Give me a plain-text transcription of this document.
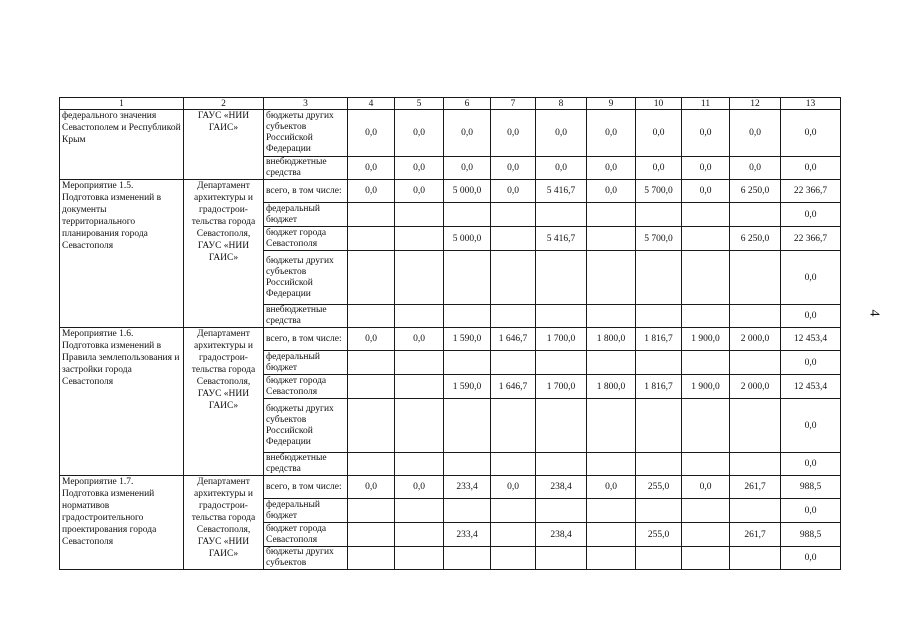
1	2	3	4	5	6	7	8	9	10	11	12	13
федерального значения Севастополем и Республикой Крым	ГАУС «НИИ ГАИС»	бюджеты других субъектов Российской Федерации	0,0	0,0	0,0	0,0	0,0	0,0	0,0	0,0	0,0	0,0
		внебюджетные средства	0,0	0,0	0,0	0,0	0,0	0,0	0,0	0,0	0,0	0,0
Мероприятие 1.5. Подготовка изменений в документы территориального планирования города Севастополя	Департамент архитектуры и градострои-тельства города Севастополя, ГАУС «НИИ ГАИС»	всего, в том числе:	0,0	0,0	5 000,0	0,0	5 416,7	0,0	5 700,0	0,0	6 250,0	22 366,7
		федеральный бюджет										0,0
		бюджет города Севастополя			5 000,0		5 416,7		5 700,0		6 250,0	22 366,7
		бюджеты других субъектов Российской Федерации										0,0
		внебюджетные средства										0,0
Мероприятие 1.6. Подготовка изменений в Правила землепользования и застройки города Севастополя	Департамент архитектуры и градострои-тельства города Севастополя, ГАУС «НИИ ГАИС»	всего, в том числе:	0,0	0,0	1 590,0	1 646,7	1 700,0	1 800,0	1 816,7	1 900,0	2 000,0	12 453,4
		федеральный бюджет										0,0
		бюджет города Севастополя			1 590,0	1 646,7	1 700,0	1 800,0	1 816,7	1 900,0	2 000,0	12 453,4
		бюджеты других субъектов Российской Федерации										0,0
		внебюджетные средства										0,0
Мероприятие 1.7. Подготовка изменений нормативов градостроительного проектирования города Севастополя	Департамент архитектуры и градострои-тельства города Севастополя, ГАУС «НИИ ГАИС»	всего, в том числе:	0,0	0,0	233,4	0,0	238,4	0,0	255,0	0,0	261,7	988,5
		федеральный бюджет										0,0
		бюджет города Севастополя			233,4		238,4		255,0		261,7	988,5
		бюджеты других субъектов										0,0
4
